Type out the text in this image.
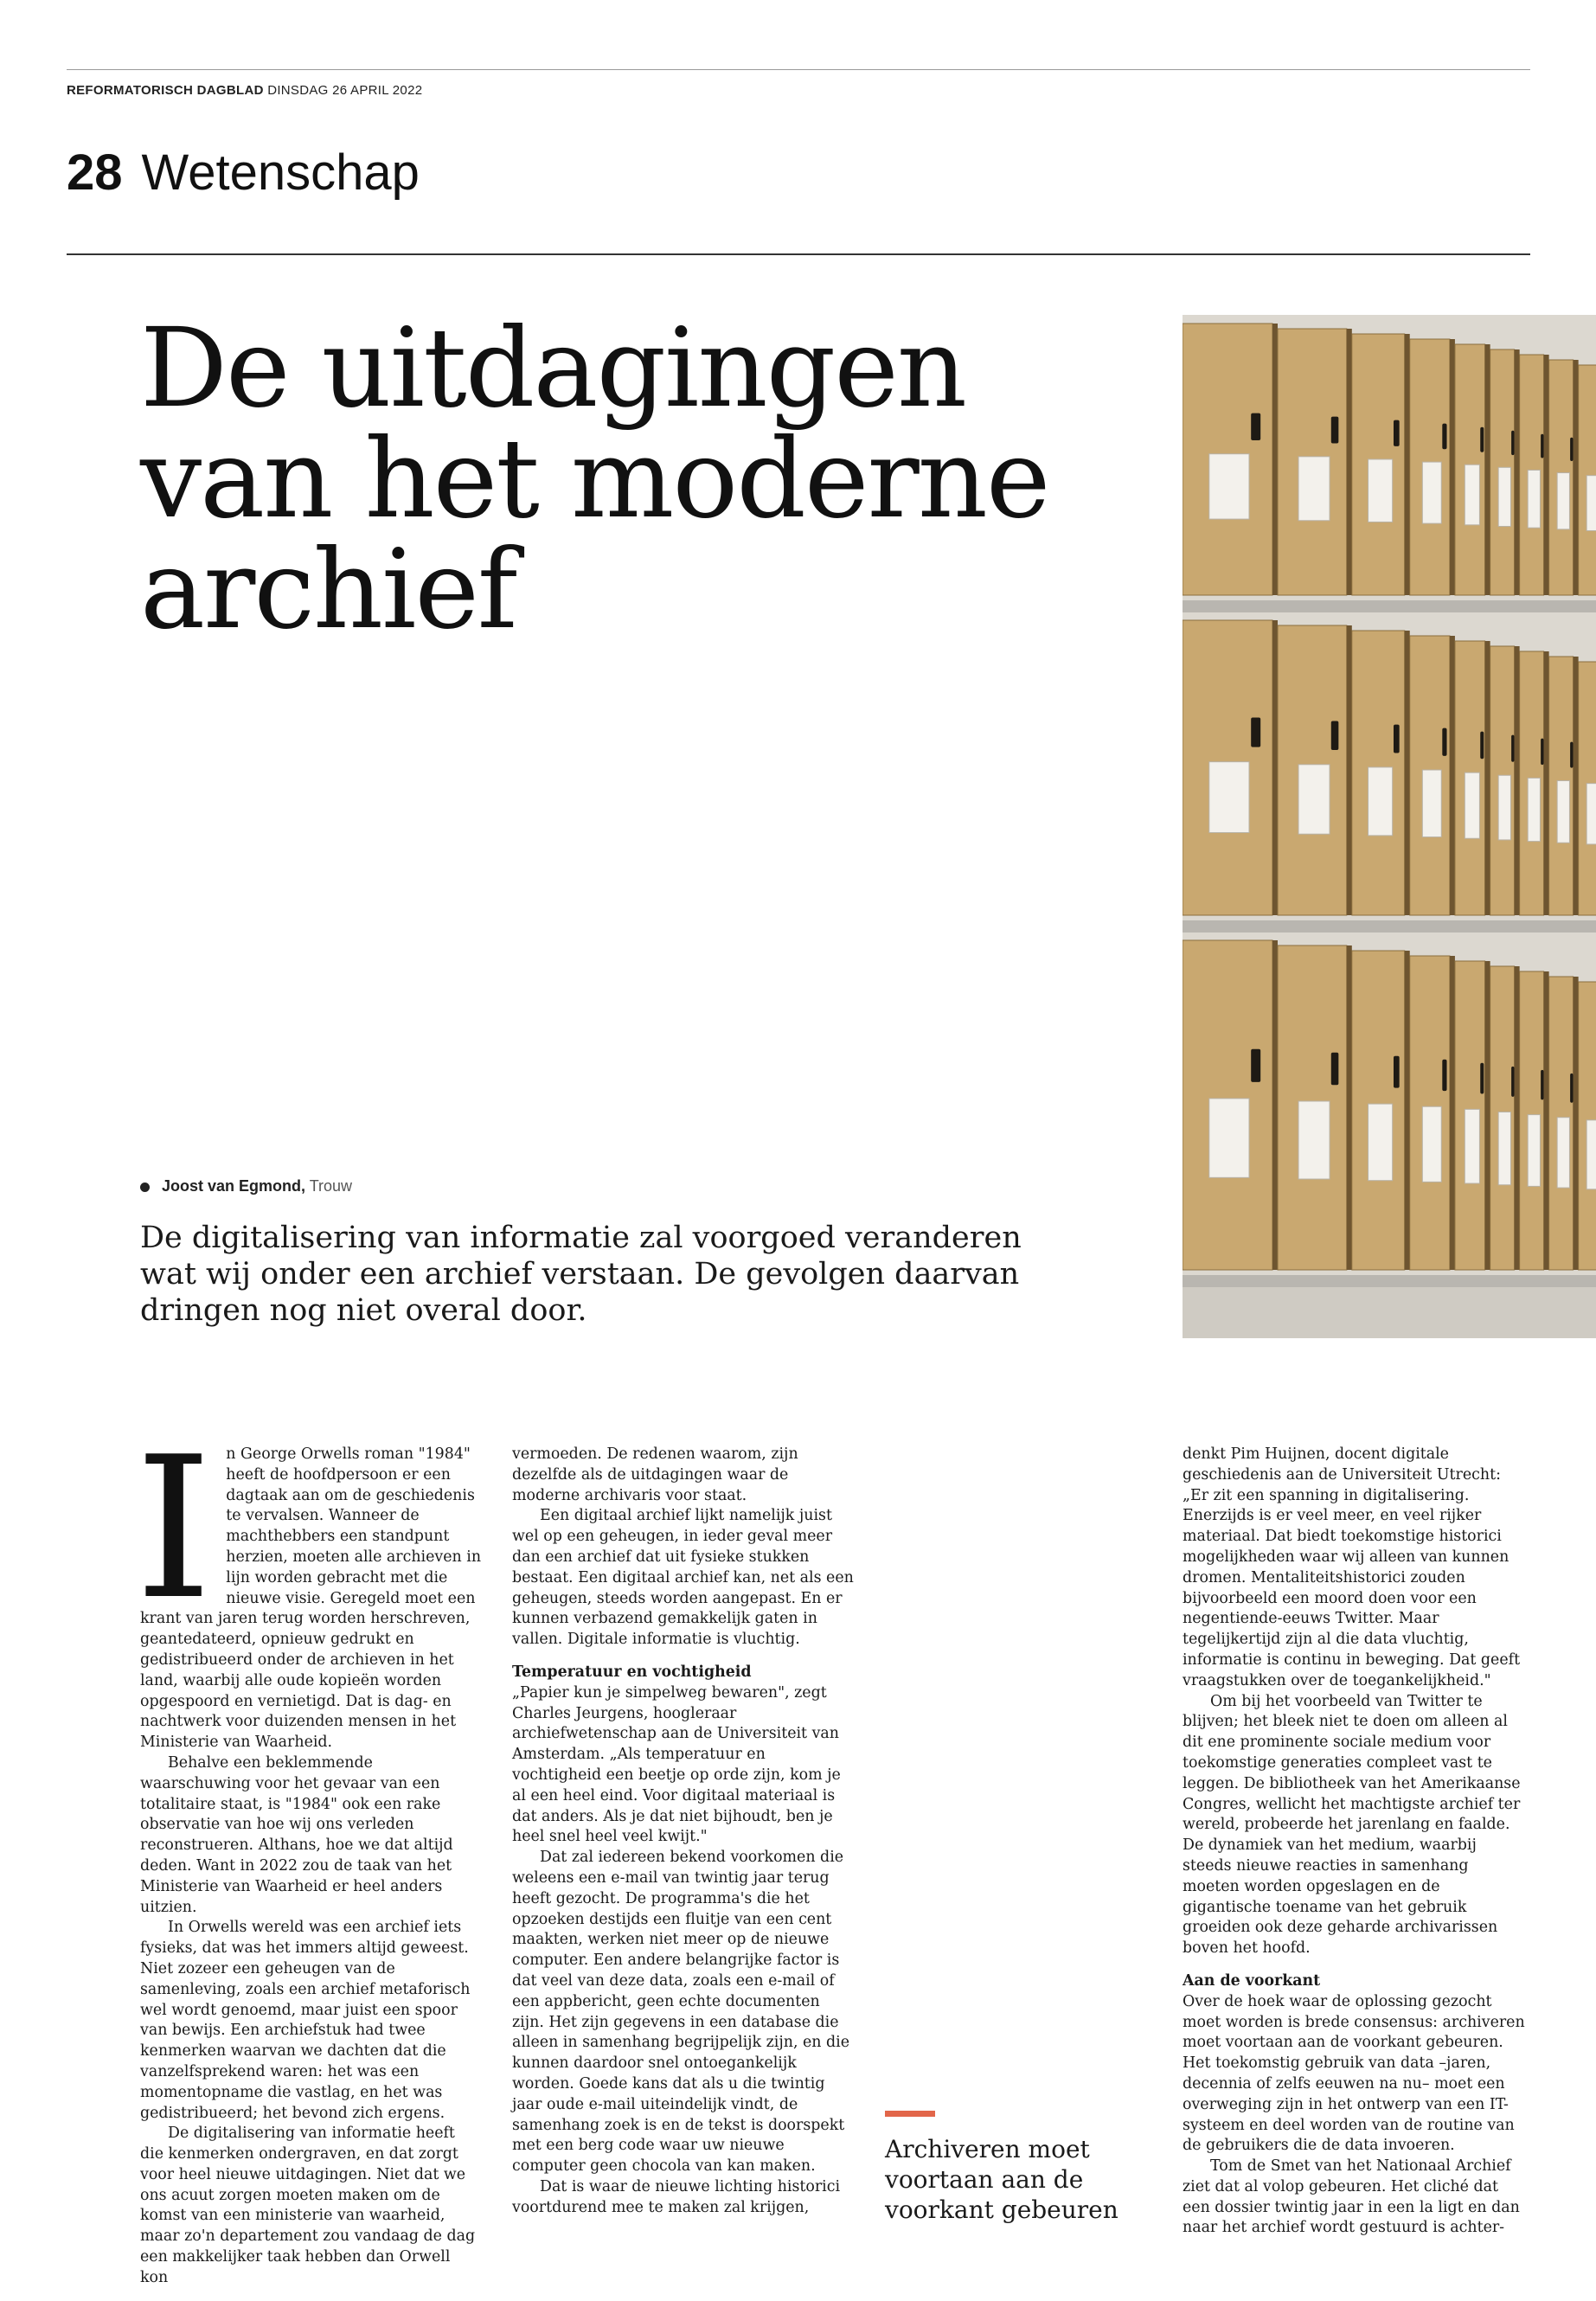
REFORMATORISCH DAGBLAD DINSDAG 26 APRIL 2022
28 Wetenschap
De uitdagingen
van het moderne
archief
Joost van Egmond, Trouw
De digitalisering van informatie zal voorgoed veranderen wat wij onder een archief verstaan. De gevolgen daarvan dringen nog niet overal door.
I n George Orwells roman "1984" heeft de hoofdpersoon er een dagtaak aan om de geschiedenis te vervalsen. Wanneer de machthebbers een standpunt herzien, moeten alle archieven in lijn worden gebracht met die nieuwe visie. Geregeld moet een krant van jaren terug worden herschreven, geantedateerd, opnieuw gedrukt en gedistribueerd onder de archieven in het land, waarbij alle oude kopieën worden opgespoord en vernietigd. Dat is dag- en nachtwerk voor duizenden mensen in het Ministerie van Waarheid.

Behalve een beklemmende waarschuwing voor het gevaar van een totalitaire staat, is "1984" ook een rake observatie van hoe wij ons verleden reconstrueren. Althans, hoe we dat altijd deden. Want in 2022 zou de taak van het Ministerie van Waarheid er heel anders uitzien.

In Orwells wereld was een archief iets fysieks, dat was het immers altijd geweest. Niet zozeer een geheugen van de samenleving, zoals een archief metaforisch wel wordt genoemd, maar juist een spoor van bewijs. Een archiefstuk had twee kenmerken waarvan we dachten dat die vanzelfsprekend waren: het was een momentopname die vastlag, en het was gedistribueerd; het bevond zich ergens.

De digitalisering van informatie heeft die kenmerken ondergraven, en dat zorgt voor heel nieuwe uitdagingen. Niet dat we ons acuut zorgen moeten maken om de komst van een ministerie van waarheid, maar zo'n departement zou vandaag de dag een makkelijker taak hebben dan Orwell kon

vermoeden. De redenen waarom, zijn dezelfde als de uitdagingen waar de moderne archivaris voor staat.

Een digitaal archief lijkt namelijk juist wel op een geheugen, in ieder geval meer dan een archief dat uit fysieke stukken bestaat. Een digitaal archief kan, net als een geheugen, steeds worden aangepast. En er kunnen verbazend gemakkelijk gaten in vallen. Digitale informatie is vluchtig.

Temperatuur en vochtigheid

„Papier kun je simpelweg bewaren", zegt Charles Jeurgens, hoogleraar archiefwetenschap aan de Universiteit van Amsterdam. „Als temperatuur en vochtigheid een beetje op orde zijn, kom je al een heel eind. Voor digitaal materiaal is dat anders. Als je dat niet bijhoudt, ben je heel snel heel veel kwijt."

Dat zal iedereen bekend voorkomen die weleens een e-mail van twintig jaar terug heeft gezocht. De programma's die het opzoeken destijds een fluitje van een cent maakten, werken niet meer op de nieuwe computer. Een andere belangrijke factor is dat veel van deze data, zoals een e-mail of een appbericht, geen echte documenten zijn. Het zijn gegevens in een database die alleen in samenhang begrijpelijk zijn, en die kunnen daardoor snel ontoegankelijk worden. Goede kans dat als u die twintig jaar oude e-mail uiteindelijk vindt, de samenhang zoek is en de tekst is doorspekt met een berg code waar uw nieuwe computer geen chocola van kan maken.

Dat is waar de nieuwe lichting historici voortdurend mee te maken zal krijgen,

Archiveren moet voortaan aan de voorkant gebeuren

denkt Pim Huijnen, docent digitale geschiedenis aan de Universiteit Utrecht: „Er zit een spanning in digitalisering. Enerzijds is er veel meer, en veel rijker materiaal. Dat biedt toekomstige historici mogelijkheden waar wij alleen van kunnen dromen. Mentaliteitshistorici zouden bijvoorbeeld een moord doen voor een negentiende-eeuws Twitter. Maar tegelijkertijd zijn al die data vluchtig, informatie is continu in beweging. Dat geeft vraagstukken over de toegankelijkheid."

Om bij het voorbeeld van Twitter te blijven; het bleek niet te doen om alleen al dit ene prominente sociale medium voor toekomstige generaties compleet vast te leggen. De bibliotheek van het Amerikaanse Congres, wellicht het machtigste archief ter wereld, probeerde het jarenlang en faalde. De dynamiek van het medium, waarbij steeds nieuwe reacties in samenhang moeten worden opgeslagen en de gigantische toename van het gebruik groeiden ook deze geharde archivarissen boven het hoofd.

Aan de voorkant

Over de hoek waar de oplossing gezocht moet worden is brede consensus: archiveren moet voortaan aan de voorkant gebeuren. Het toekomstig gebruik van data –jaren, decennia of zelfs eeuwen na nu– moet een overweging zijn in het ontwerp van een IT-systeem en deel worden van de routine van de gebruikers die de data invoeren.

Tom de Smet van het Nationaal Archief ziet dat al volop gebeuren. Het cliché dat een dossier twintig jaar in een la ligt en dan naar het archief wordt gestuurd is achter-
